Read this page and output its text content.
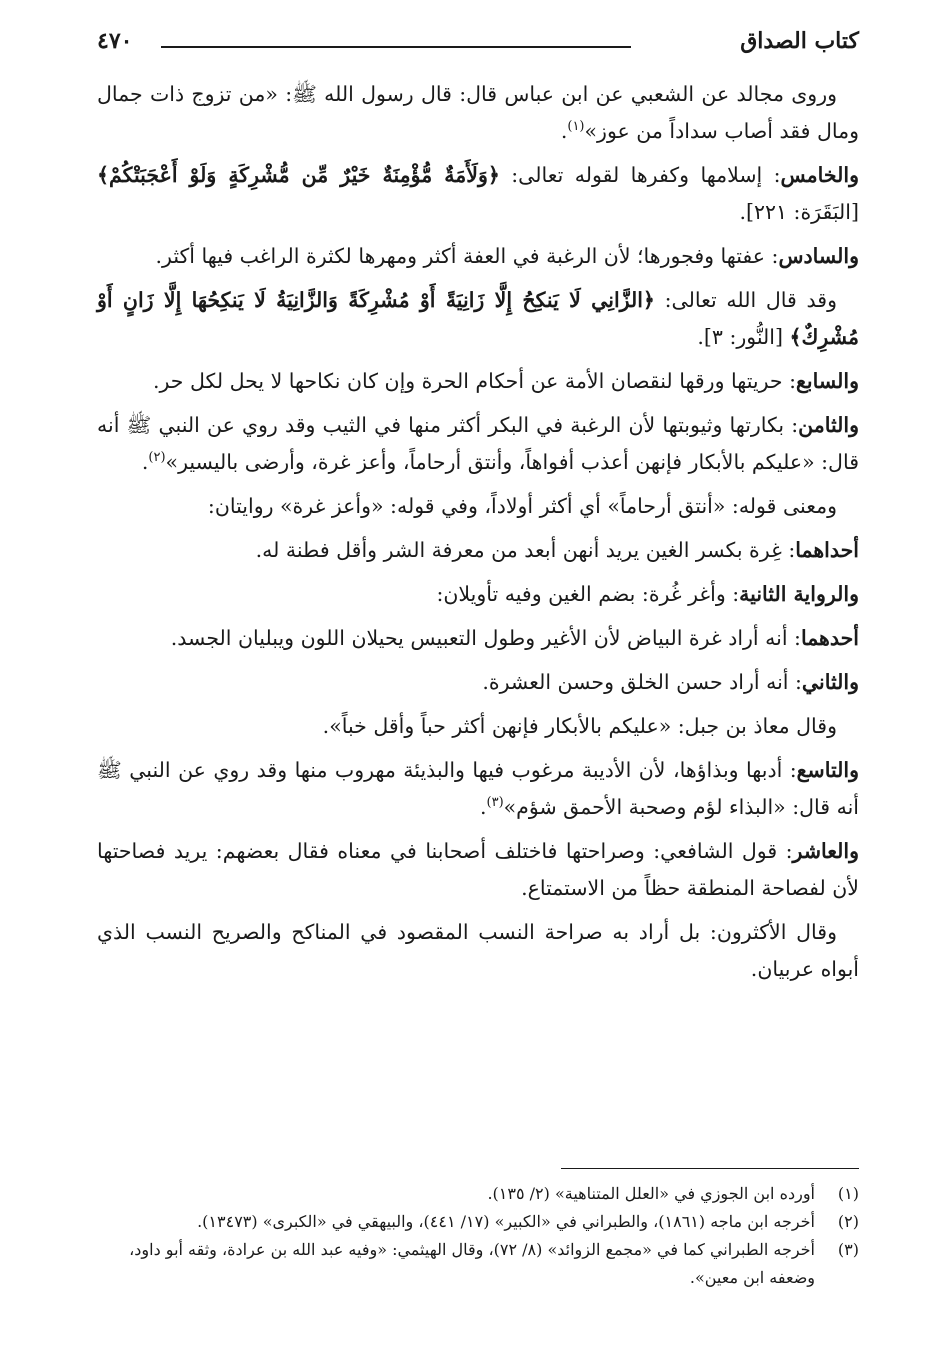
كتاب الصداق
٤٧٠

وروى مجالد عن الشعبي عن ابن عباس قال: قال رسول الله ﷺ: «من تزوج ذات جمال ومال فقد أصاب سداداً من عوز»$^{(١)}$.

والخامس: إسلامها وكفرها لقوله تعالى: ﴿وَلَأَمَةٌ مُّؤْمِنَةٌ خَيْرٌ مِّن مُّشْرِكَةٍ وَلَوْ أَعْجَبَتْكُمْ﴾ [البَقَرَة: ٢٢١].

والسادس: عفتها وفجورها؛ لأن الرغبة في العفة أكثر ومهرها لكثرة الراغب فيها أكثر.

وقد قال الله تعالى: ﴿الزَّانِي لَا يَنكِحُ إِلَّا زَانِيَةً أَوْ مُشْرِكَةً وَالزَّانِيَةُ لَا يَنكِحُهَا إِلَّا زَانٍ أَوْ مُشْرِكٌ﴾ [النُّور: ٣].

والسابع: حريتها ورقها لنقصان الأمة عن أحكام الحرة وإن كان نكاحها لا يحل لكل حر.

والثامن: بكارتها وثيوبتها لأن الرغبة في البكر أكثر منها في الثيب وقد روي عن النبي ﷺ أنه قال: «عليكم بالأبكار فإنهن أعذب أفواهاً، وأنتق أرحاماً، وأعز غرة، وأرضى باليسير»$^{(٢)}$.

ومعنى قوله: «أنتق أرحاماً» أي أكثر أولاداً، وفي قوله: «وأعز غرة» روايتان:

أحداهما: غِرة بكسر الغين يريد أنهن أبعد من معرفة الشر وأقل فطنة له.

والرواية الثانية: وأغر غُرة: بضم الغين وفيه تأويلان:

أحدهما: أنه أراد غرة البياض لأن الأغير وطول التعبيس يحيلان اللون ويبليان الجسد.

والثاني: أنه أراد حسن الخلق وحسن العشرة.

وقال معاذ بن جبل: «عليكم بالأبكار فإنهن أكثر حباً وأقل خباً».

والتاسع: أدبها وبذاؤها، لأن الأديبة مرغوب فيها والبذيئة مهروب منها وقد روي عن النبي ﷺ أنه قال: «البذاء لؤم وصحبة الأحمق شؤم»$^{(٣)}$.

والعاشر: قول الشافعي: وصراحتها فاختلف أصحابنا في معناه فقال بعضهم: يريد فصاحتها لأن لفصاحة المنطقة حظاً من الاستمتاع.

وقال الأكثرون: بل أراد به صراحة النسب المقصود في المناكح والصريح النسب الذي أبواه عربيان.

(١)
أورده ابن الجوزي في «العلل المتناهية» (٢/ ١٣٥).
(٢)
أخرجه ابن ماجه (١٨٦١)، والطبراني في «الكبير» (١٧/ ٤٤١)، والبيهقي في «الكبرى» (١٣٤٧٣).
(٣)
أخرجه الطبراني كما في «مجمع الزوائد» (٨/ ٧٢)، وقال الهيثمي: «وفيه عبد الله بن عرادة، وثقه أبو داود، وضعفه ابن معين».
